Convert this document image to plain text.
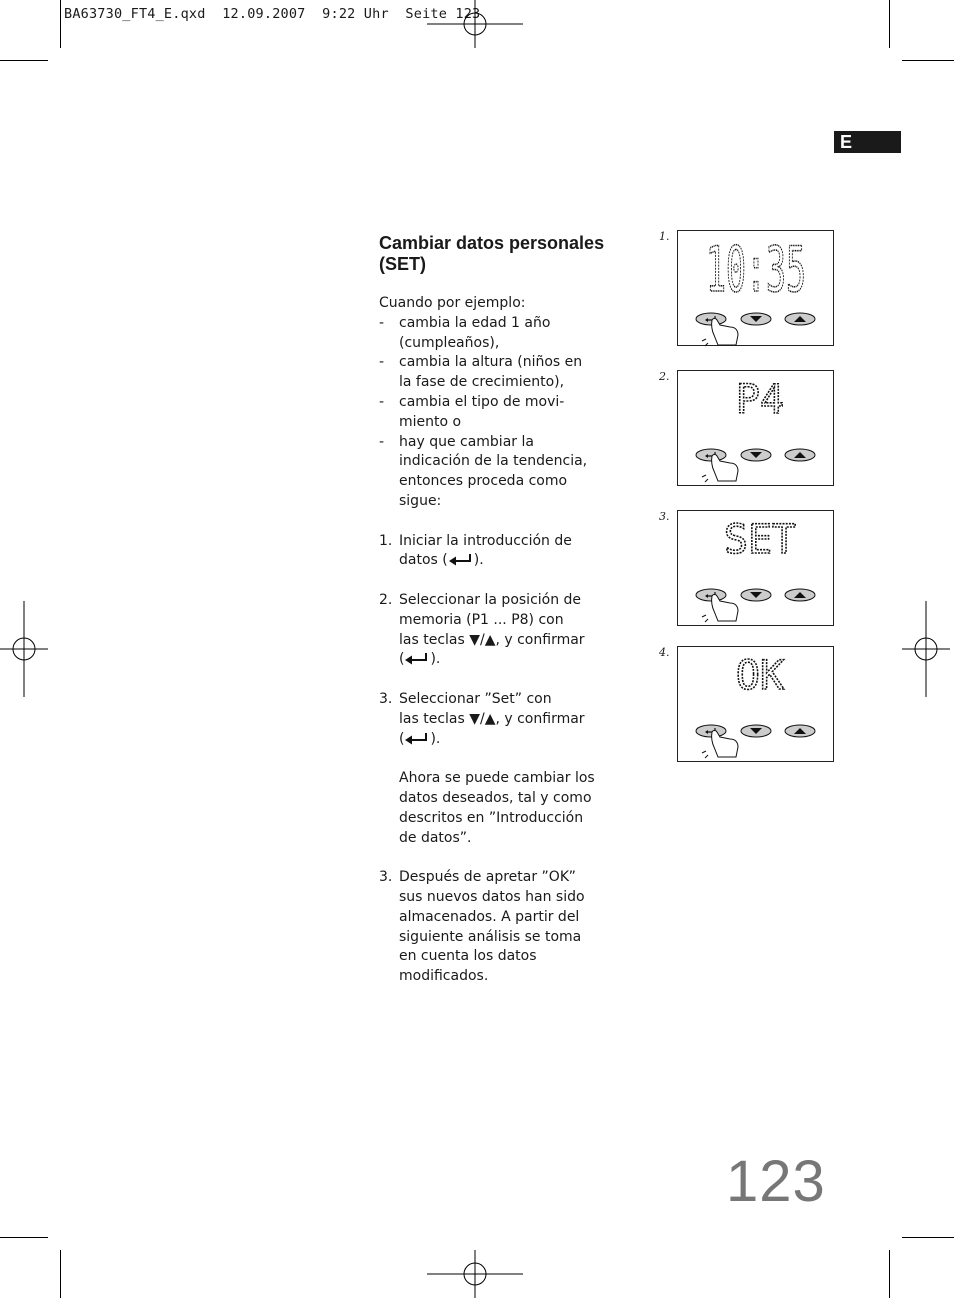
BA63730_FT4_E.qxd  12.09.2007  9:22 Uhr  Seite 123
E
Cambiar datos personales (SET)

Cuando por ejemplo:

- cambia la edad 1 año
(cumpleaños),
- cambia la altura (niños en
la fase de crecimiento),
- cambia el tipo de movi-
miento o
- hay que cambiar la
indicación de la tendencia,
entonces proceda como
sigue:
1. Iniciar la introducción de
datos ( ).
2. Seleccionar la posición de
memoria (P1 ... P8) con
las teclas ▼/▲, y confirmar
( ).
3. Seleccionar ”Set” con
las teclas ▼/▲, y confirmar
( ).
Ahora se puede cambiar los
datos deseados, tal y como
descritos en ”Introducción
de datos”.
3. Después de apretar ”OK”
sus nuevos datos han sido
almacenados. A partir del
siguiente análisis se toma
en cuenta los datos
modificados.
1. 10:35
2.
P4
3.
SET
4.
OK
123
